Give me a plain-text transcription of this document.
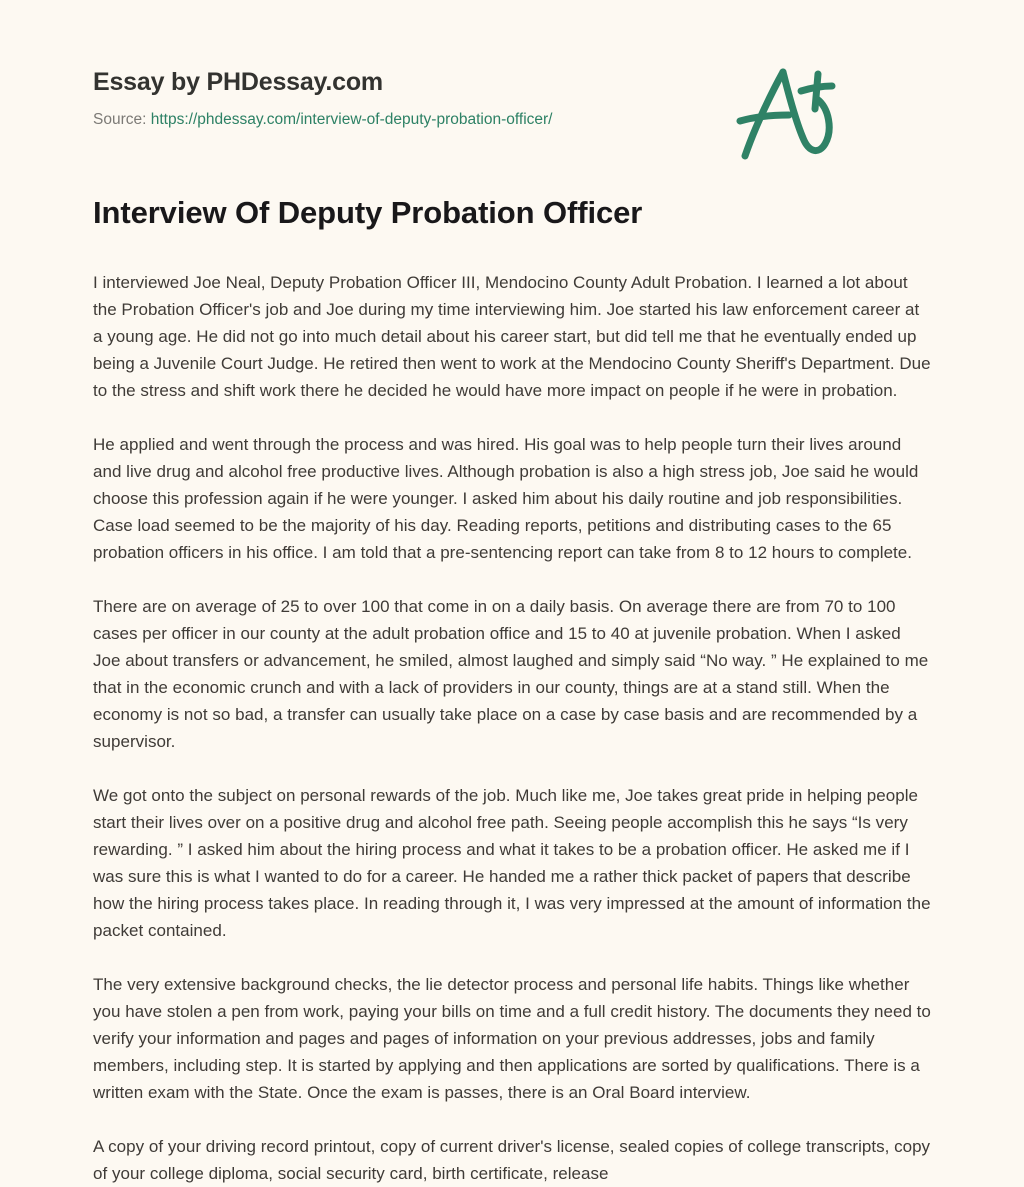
Essay by PHDessay.com
Source: https://phdessay.com/interview-of-deputy-probation-officer/
Interview Of Deputy Probation Officer

I interviewed Joe Neal, Deputy Probation Officer III, Mendocino County Adult Probation. I learned a lot about the Probation Officer's job and Joe during my time interviewing him. Joe started his law enforcement career at a young age. He did not go into much detail about his career start, but did tell me that he eventually ended up being a Juvenile Court Judge. He retired then went to work at the Mendocino County Sheriff's Department. Due to the stress and shift work there he decided he would have more impact on people if he were in probation.

He applied and went through the process and was hired. His goal was to help people turn their lives around and live drug and alcohol free productive lives. Although probation is also a high stress job, Joe said he would choose this profession again if he were younger. I asked him about his daily routine and job responsibilities. Case load seemed to be the majority of his day. Reading reports, petitions and distributing cases to the 65 probation officers in his office. I am told that a pre-sentencing report can take from 8 to 12 hours to complete.

There are on average of 25 to over 100 that come in on a daily basis. On average there are from 70 to 100 cases per officer in our county at the adult probation office and 15 to 40 at juvenile probation. When I asked Joe about transfers or advancement, he smiled, almost laughed and simply said “No way. ” He explained to me that in the economic crunch and with a lack of providers in our county, things are at a stand still. When the economy is not so bad, a transfer can usually take place on a case by case basis and are recommended by a supervisor.

We got onto the subject on personal rewards of the job. Much like me, Joe takes great pride in helping people start their lives over on a positive drug and alcohol free path. Seeing people accomplish this he says “Is very rewarding. ” I asked him about the hiring process and what it takes to be a probation officer. He asked me if I was sure this is what I wanted to do for a career. He handed me a rather thick packet of papers that describe how the hiring process takes place. In reading through it, I was very impressed at the amount of information the packet contained.

The very extensive background checks, the lie detector process and personal life habits. Things like whether you have stolen a pen from work, paying your bills on time and a full credit history. The documents they need to verify your information and pages and pages of information on your previous addresses, jobs and family members, including step. It is started by applying and then applications are sorted by qualifications. There is a written exam with the State. Once the exam is passes, there is an Oral Board interview.

A copy of your driving record printout, copy of current driver's license, sealed copies of college transcripts, copy of your college diploma, social security card, birth certificate, release
